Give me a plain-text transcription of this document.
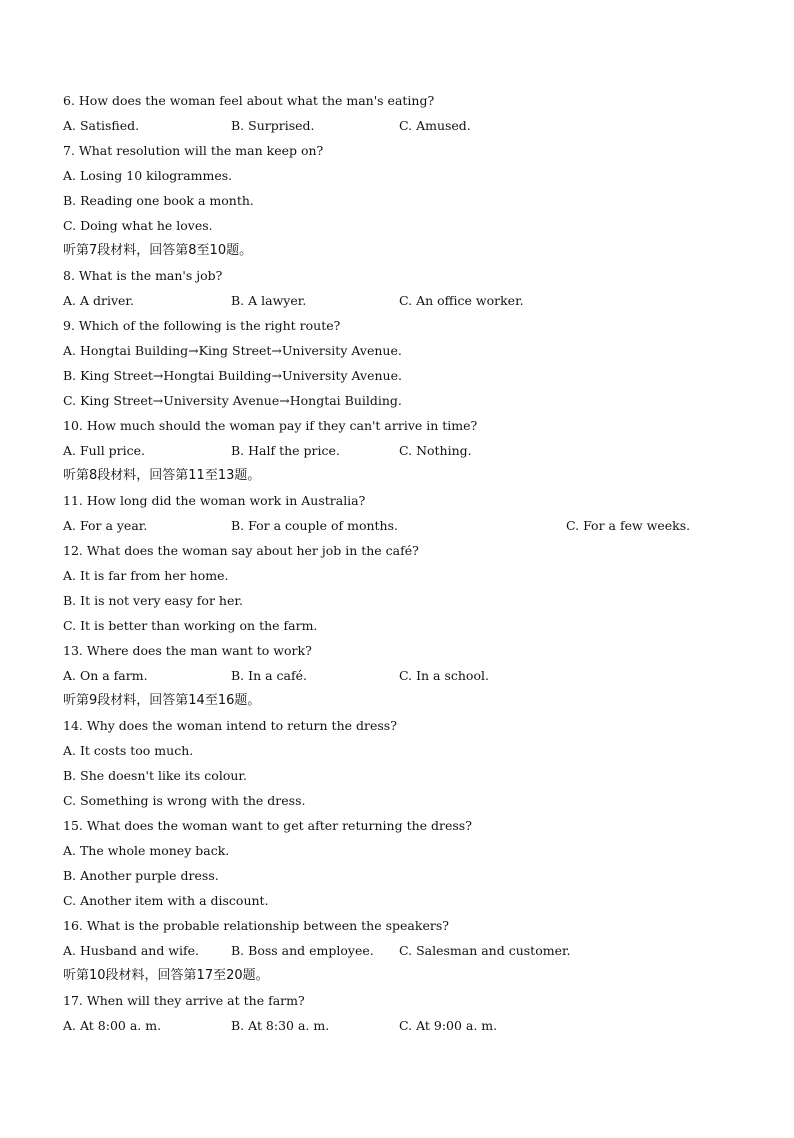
6. How does the woman feel about what the man's eating?

A. Satisfied.

	B. Surprised.

	C. Amused.

7. What resolution will the man keep on?
A. Losing 10 kilogrammes.
B. Reading one book a month.
C. Doing what he loves.
听第7段材料，回答第8至10题。
8. What is the man's job?

A. A driver.

	B. A lawyer.

	C. An office worker.

9. Which of the following is the right route?
A. Hongtai Building→King Street→University Avenue.
B. King Street→Hongtai Building→University Avenue.
C. King Street→University Avenue→Hongtai Building.
10. How much should the woman pay if they can't arrive in time?

A. Full price.

	B. Half the price.

	C. Nothing.

听第8段材料，回答第11至13题。
11. How long did the woman work in Australia?

A. For a year.

	B. For a couple of months.

	C. For a few weeks.

12. What does the woman say about her job in the café?
A. It is far from her home.
B. It is not very easy for her.
C. It is better than working on the farm.
13. Where does the man want to work?

A. On a farm.

	B. In a café.

	C. In a school.

听第9段材料，回答第14至16题。
14. Why does the woman intend to return the dress?
A. It costs too much.
B. She doesn't like its colour.
C. Something is wrong with the dress.
15. What does the woman want to get after returning the dress?
A. The whole money back.
B. Another purple dress.
C. Another item with a discount.
16. What is the probable relationship between the speakers?

A. Husband and wife.

	B. Boss and employee.

C. Salesman and customer.

听第10段材料，回答第17至20题。
17. When will they arrive at the farm?

A. At 8:00 a. m.

	B. At 8:30 a. m.

	C. At 9:00 a. m.
